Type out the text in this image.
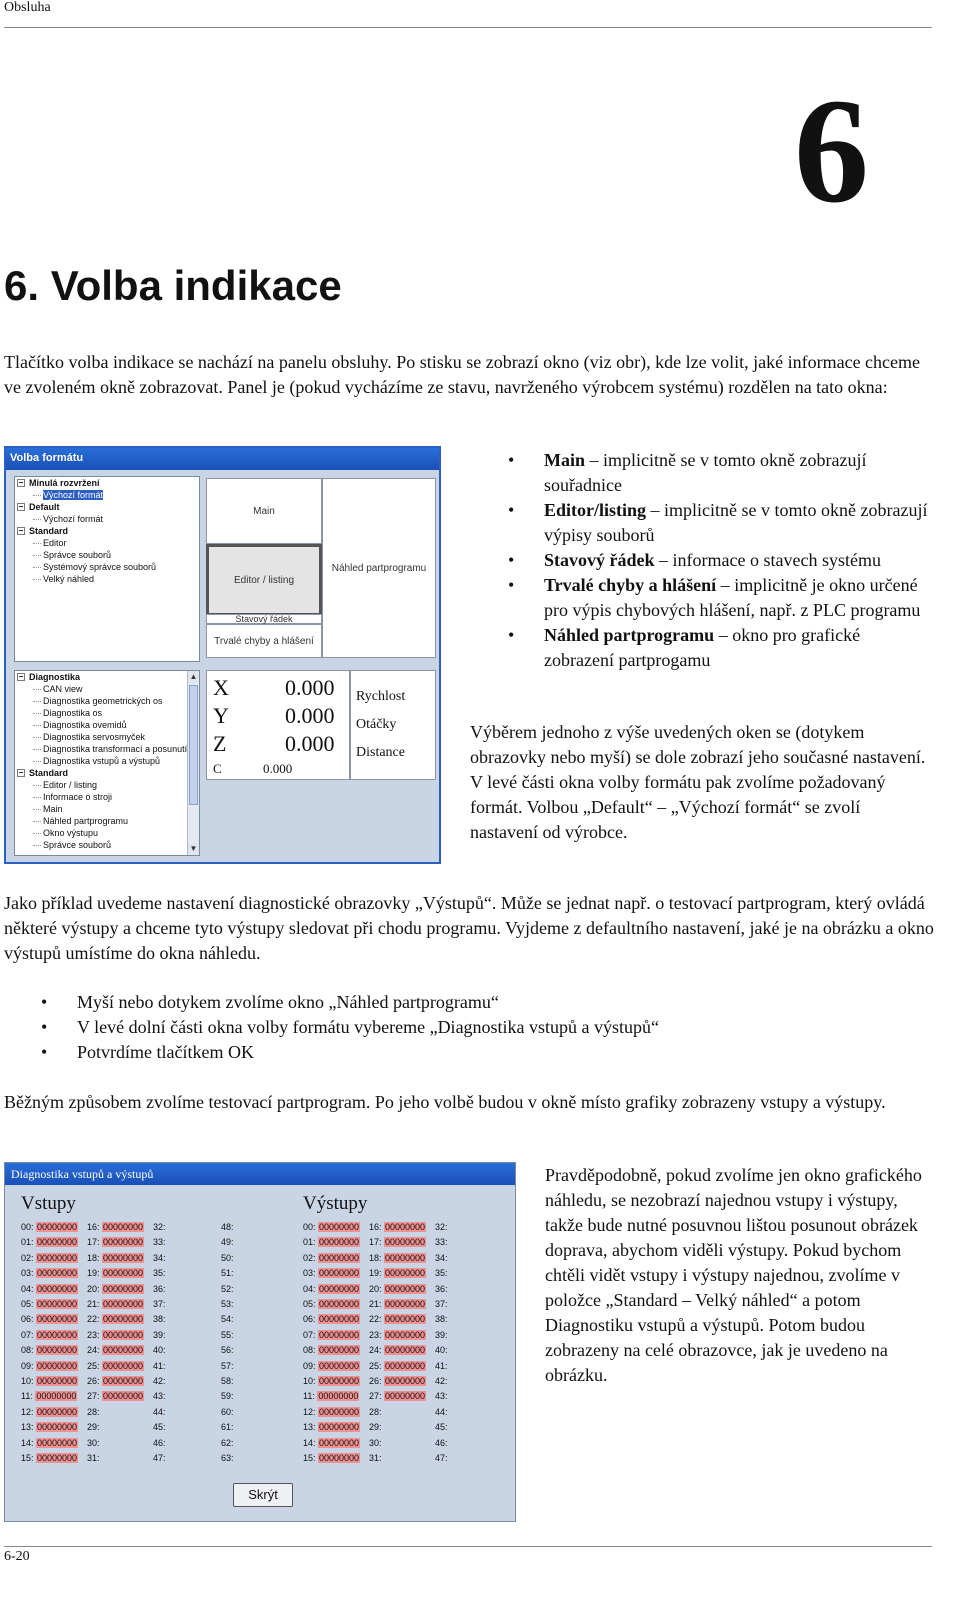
Obsluha
6
6. Volba indikace

Tlačítko volba indikace se nachází na panelu obsluhy. Po stisku se zobrazí okno (viz obr), kde lze volit, jaké informace chceme ve zvoleném okně zobrazovat. Panel je (pokud vycházíme ze stavu, navrženého výrobcem systému) rozdělen na tato okna:

Volba formátu
− Minulá rozvržení
Výchozí formát
− Default
Výchozí formát
− Standard
Editor
Správce souborů
Systémový správce souborů
Velký náhled
− Diagnostika
CAN view
Diagnostika geometrických os
Diagnostika os
Diagnostika ovemidů
Diagnostika servosmyček
Diagnostika transformací a posunutí
Diagnostika vstupů a výstupů
− Standard
Editor / listing
Informace o stroji
Main
Náhled partprogramu
Okno výstupu
Správce souborů
▲
▼
Main
Editor / listing
Stavový řádek
Trvalé chyby a hlášení
Náhled partprogramu
X	0.000
Y	0.000
Z	0.000
C	0.000
Rychlost
Otáčky
Distance
• Main – implicitně se v tomto okně zobrazují souřadnice
• Editor/listing – implicitně se v tomto okně zobrazují výpisy souborů
• Stavový řádek – informace o stavech systému
• Trvalé chyby a hlášení – implicitně je okno určené pro výpis chybových hlášení, např. z PLC programu
• Náhled partprogramu – okno pro grafické zobrazení partprogamu

Výběrem jednoho z výše uvedených oken se (dotykem obrazovky nebo myší) se dole zobrazí jeho současné nastavení. V levé části okna volby formátu pak zvolíme požadovaný formát. Volbou „Default“ – „Výchozí formát“ se zvolí nastavení od výrobce.

Jako příklad uvedeme nastavení diagnostické obrazovky „Výstupů“. Může se jednat např. o testovací partprogram, který ovládá některé výstupy a chceme tyto výstupy sledovat při chodu programu. Vyjdeme z defaultního nastavení, jaké je na obrázku a okno výstupů umístíme do okna náhledu.

• Myší nebo dotykem zvolíme okno „Náhled partprogramu“
• V levé dolní části okna volby formátu vybereme „Diagnostika vstupů a výstupů“
• Potvrdíme tlačítkem OK

Běžným způsobem zvolíme testovací partprogram. Po jeho volbě budou v okně místo grafiky zobrazeny vstupy a výstupy.

Diagnostika vstupů a výstupů
Vstupy	Výstupy
00: 00000000
01: 00000000
02: 00000000
03: 00000000
04: 00000000
05: 00000000
06: 00000000
07: 00000000
08: 00000000
09: 00000000
10: 00000000
11: 00000000
12: 00000000
13: 00000000
14: 00000000
15: 00000000
16: 00000000
17: 00000000
18: 00000000
19: 00000000
20: 00000000
21: 00000000
22: 00000000
23: 00000000
24: 00000000
25: 00000000
26: 00000000
27: 00000000
28:
29:
30:
31:
32:
33:
34:
35:
36:
37:
38:
39:
40:
41:
42:
43:
44:
45:
46:
47:
48:
49:
50:
51:
52:
53:
54:
55:
56:
57:
58:
59:
60:
61:
62:
63:
00: 00000000
01: 00000000
02: 00000000
03: 00000000
04: 00000000
05: 00000000
06: 00000000
07: 00000000
08: 00000000
09: 00000000
10: 00000000
11: 00000000
12: 00000000
13: 00000000
14: 00000000
15: 00000000
16: 00000000
17: 00000000
18: 00000000
19: 00000000
20: 00000000
21: 00000000
22: 00000000
23: 00000000
24: 00000000
25: 00000000
26: 00000000
27: 00000000
28:
29:
30:
31:
32:
33:
34:
35:
36:
37:
38:
39:
40:
41:
42:
43:
44:
45:
46:
47:
Skrýt

Pravděpodobně, pokud zvolíme jen okno grafického náhledu, se nezobrazí najednou vstupy i výstupy, takže bude nutné posuvnou lištou posunout obrázek doprava, abychom viděli výstupy. Pokud bychom chtěli vidět vstupy i výstupy najednou, zvolíme v položce „Standard – Velký náhled“ a potom Diagnostiku vstupů a výstupů. Potom budou zobrazeny na celé obrazovce, jak je uvedeno na obrázku.

6-20
